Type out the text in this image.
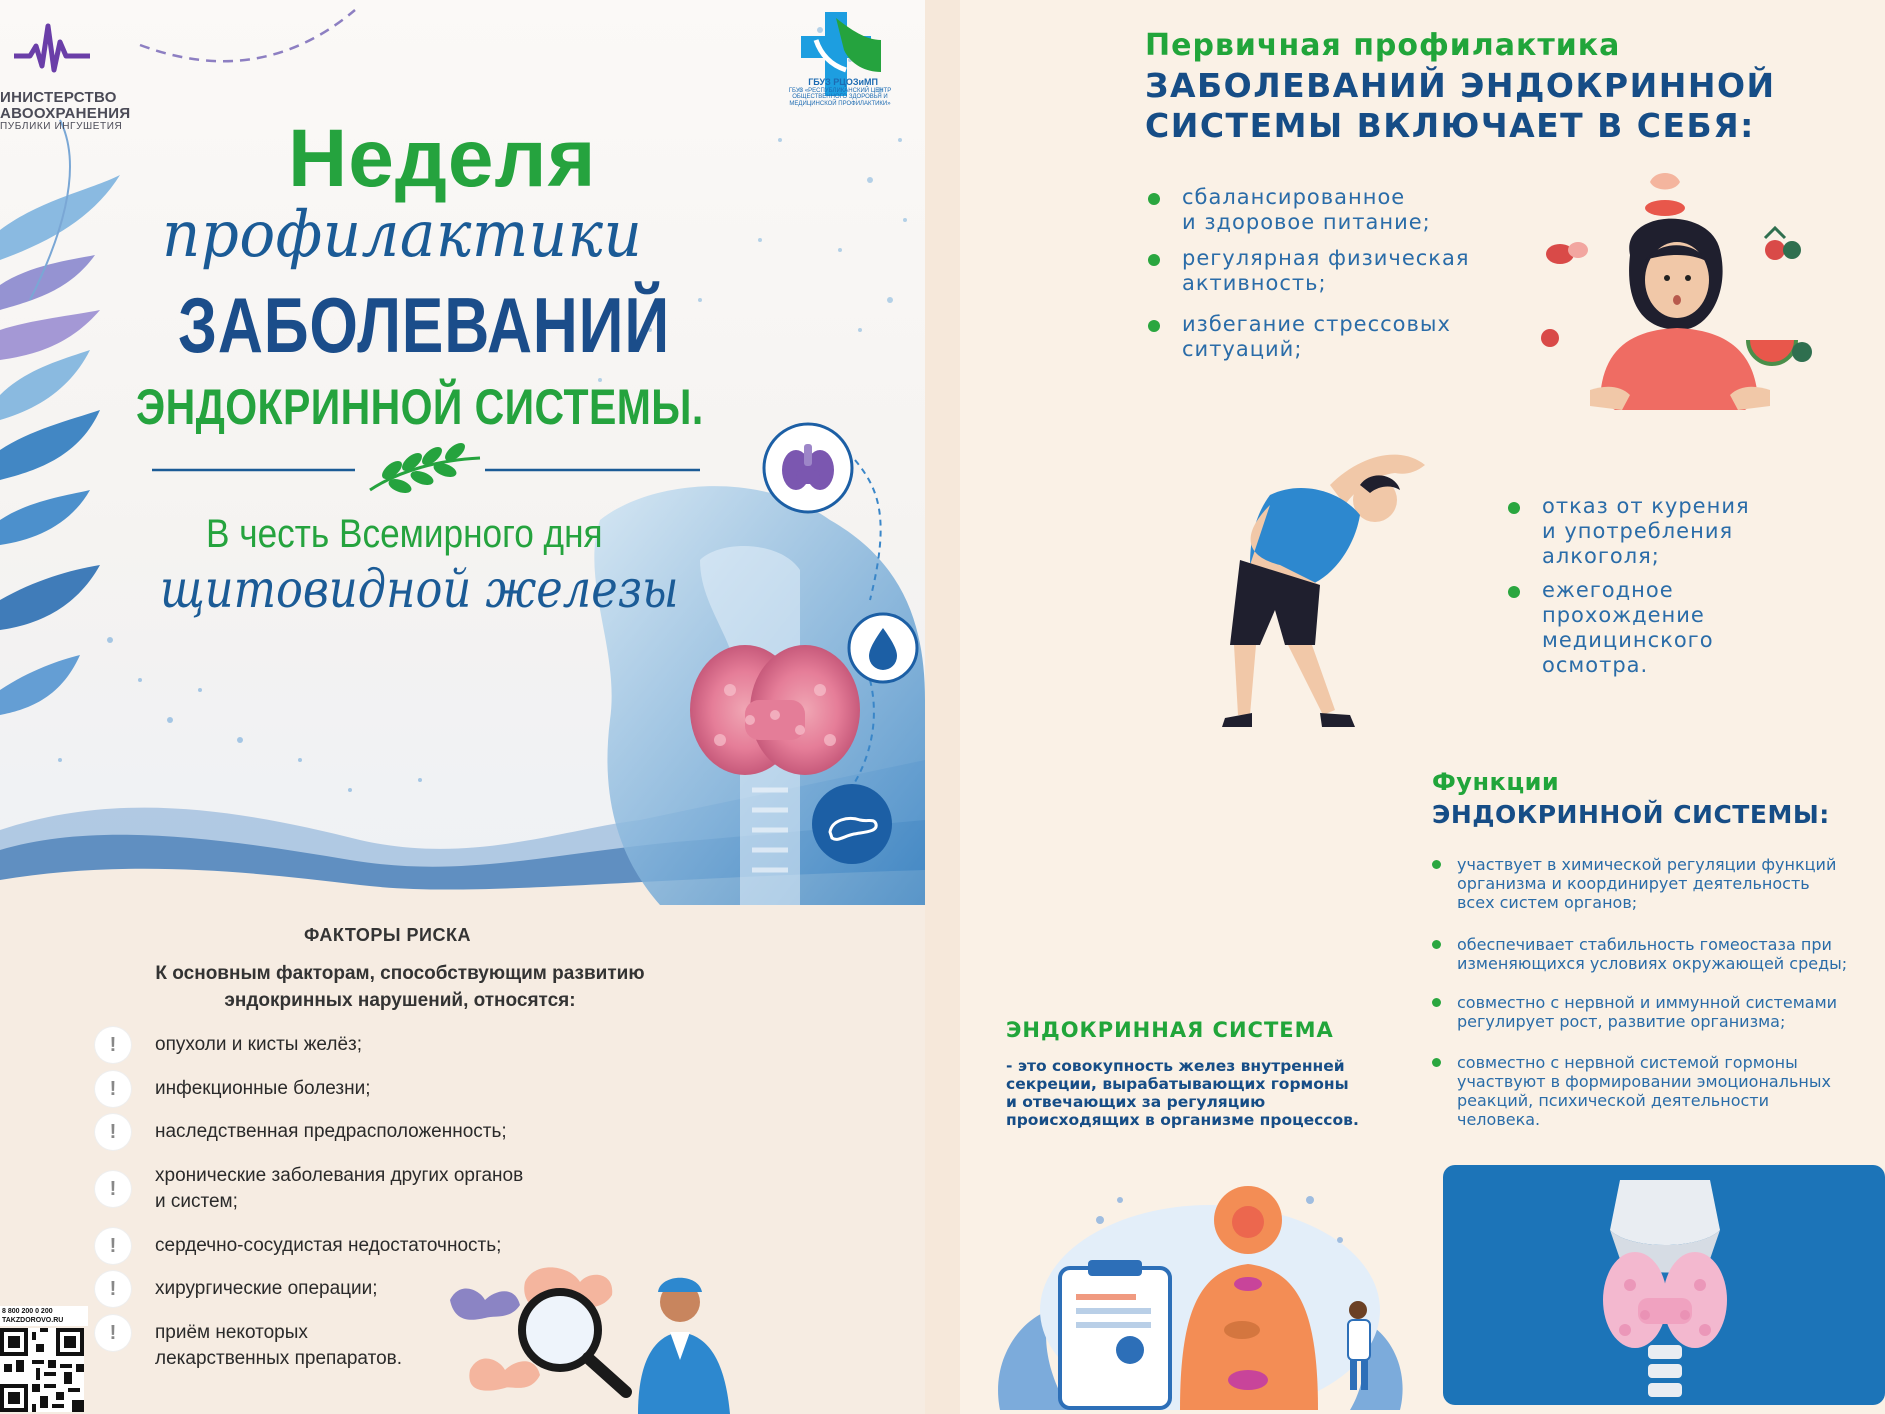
ИНИСТЕРСТВО
АВООХРАНЕНИЯ
ПУБЛИКИ ИНГУШЕТИЯ
ГБУЗ РЦОЗиМП
ГБУЗ «РЕСПУБЛИКАНСКИЙ ЦЕНТР ОБЩЕСТВЕННОГО ЗДОРОВЬЯ И МЕДИЦИНСКОЙ ПРОФИЛАКТИКИ»
Неделя
профилактики
ЗАБОЛЕВАНИЙ
ЭНДОКРИННОЙ СИСТЕМЫ.
В честь Всемирного дня
щитовидной железы
ФАКТОРЫ РИСКА
К основным факторам, способствующим развитию
эндокринных нарушений, относятся:
!	опухоли и кисты желёз;
!	инфекционные болезни;
!	наследственная предрасположенность;
!
хронические заболевания других органов
и систем;
!	сердечно-сосудистая недостаточность;
!	хирургические операции;
!	приём некоторых
лекарственных препаратов.
8 800 200 0 200
TAKZDOROVO.RU
Первичная профилактика
ЗАБОЛЕВАНИЙ ЭНДОКРИННОЙ
СИСТЕМЫ ВКЛЮЧАЕТ В СЕБЯ:
сбалансированное
и здоровое питание;
регулярная физическая
активность;
избегание стрессовых
ситуаций;
отказ от курения
и употребления
алкоголя;
ежегодное
прохождение
медицинского
осмотра.
Функции
ЭНДОКРИННОЙ СИСТЕМЫ:
участвует в химической регуляции функций
организма и координирует деятельность
всех систем органов;
обеспечивает стабильность гомеостаза при
изменяющихся условиях окружающей среды;
совместно с нервной и иммунной системами
регулирует рост, развитие организма;
совместно с нервной системой гормоны
участвуют в формировании эмоциональных
реакций, психической деятельности
человека.
ЭНДОКРИННАЯ СИСТЕМА
- это совокупность желез внутренней
секреции, вырабатывающих гормоны
и отвечающих за регуляцию
происходящих в организме процессов.
